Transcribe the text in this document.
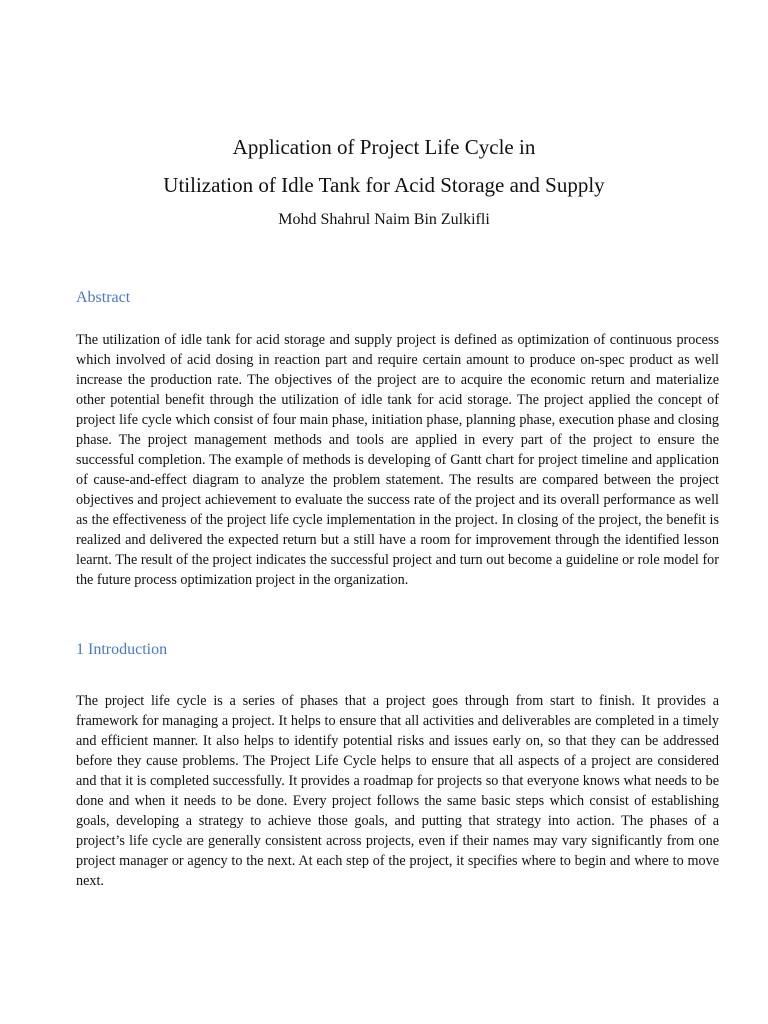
Application of Project Life Cycle in
Utilization of Idle Tank for Acid Storage and Supply
Mohd Shahrul Naim Bin Zulkifli
Abstract

The utilization of idle tank for acid storage and supply project is defined as optimization of continuous process which involved of acid dosing in reaction part and require certain amount to produce on-spec product as well increase the production rate. The objectives of the project are to acquire the economic return and materialize other potential benefit through the utilization of idle tank for acid storage. The project applied the concept of project life cycle which consist of four main phase, initiation phase, planning phase, execution phase and closing phase. The project management methods and tools are applied in every part of the project to ensure the successful completion. The example of methods is developing of Gantt chart for project timeline and application of cause-and-effect diagram to analyze the problem statement. The results are compared between the project objectives and project achievement to evaluate the success rate of the project and its overall performance as well as the effectiveness of the project life cycle implementation in the project. In closing of the project, the benefit is realized and delivered the expected return but a still have a room for improvement through the identified lesson learnt. The result of the project indicates the successful project and turn out become a guideline or role model for the future process optimization project in the organization.

1 Introduction

The project life cycle is a series of phases that a project goes through from start to finish. It provides a framework for managing a project. It helps to ensure that all activities and deliverables are completed in a timely and efficient manner. It also helps to identify potential risks and issues early on, so that they can be addressed before they cause problems. The Project Life Cycle helps to ensure that all aspects of a project are considered and that it is completed successfully. It provides a roadmap for projects so that everyone knows what needs to be done and when it needs to be done. Every project follows the same basic steps which consist of establishing goals, developing a strategy to achieve those goals, and putting that strategy into action. The phases of a project’s life cycle are generally consistent across projects, even if their names may vary significantly from one project manager or agency to the next. At each step of the project, it specifies where to begin and where to move next.
